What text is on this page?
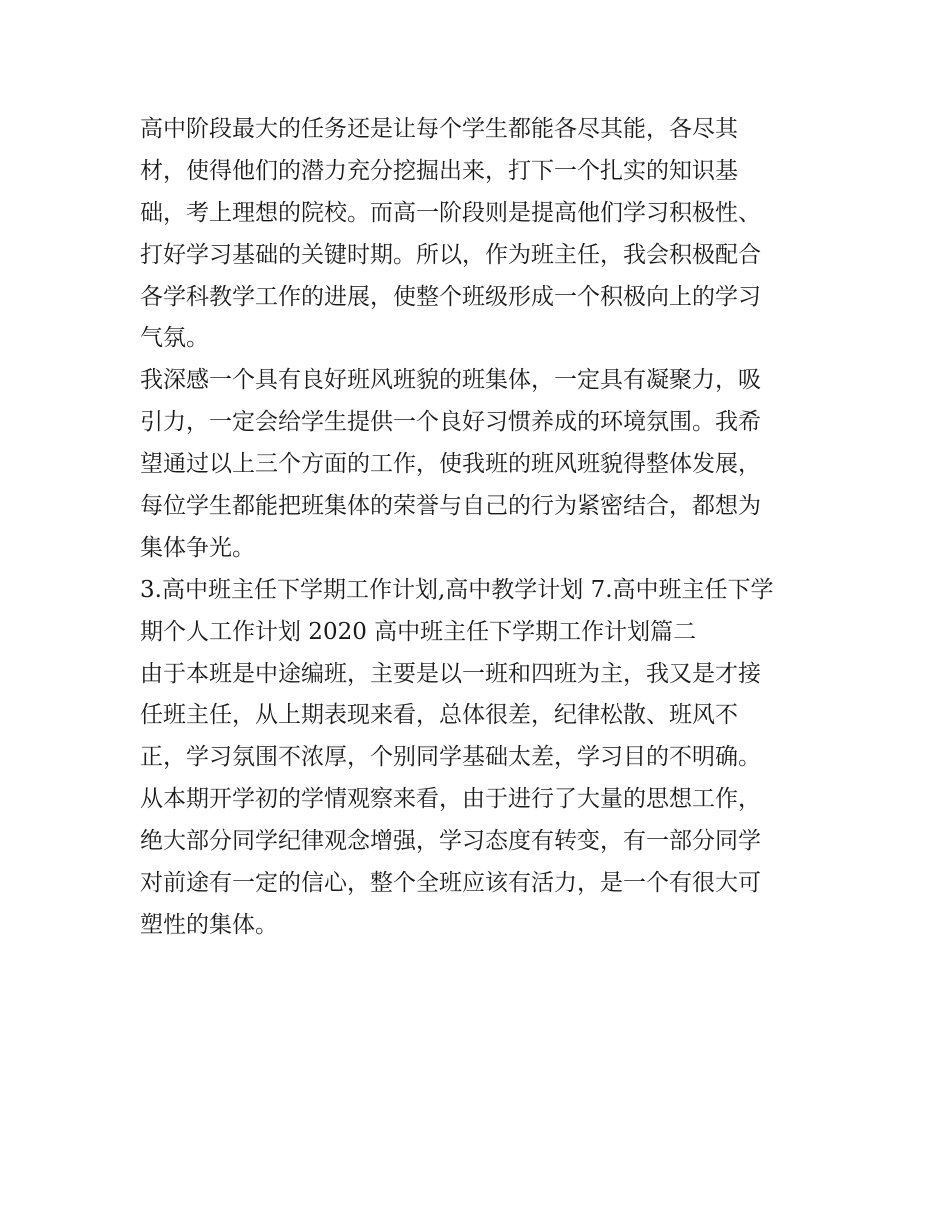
高中阶段最大的任务还是让每个学生都能各尽其能，各尽其
材，使得他们的潜力充分挖掘出来，打下一个扎实的知识基
础，考上理想的院校。而高一阶段则是提高他们学习积极性、
打好学习基础的关键时期。所以，作为班主任，我会积极配合
各学科教学工作的进展，使整个班级形成一个积极向上的学习
气氛。
我深感一个具有良好班风班貌的班集体，一定具有凝聚力，吸
引力，一定会给学生提供一个良好习惯养成的环境氛围。我希
望通过以上三个方面的工作，使我班的班风班貌得整体发展，
每位学生都能把班集体的荣誉与自己的行为紧密结合，都想为
集体争光。
3.高中班主任下学期工作计划,高中教学计划 7.高中班主任下学
期个人工作计划 2020 高中班主任下学期工作计划篇二
由于本班是中途编班，主要是以一班和四班为主，我又是才接
任班主任，从上期表现来看，总体很差，纪律松散、班风不
正，学习氛围不浓厚，个别同学基础太差，学习目的不明确。
从本期开学初的学情观察来看，由于进行了大量的思想工作，
绝大部分同学纪律观念增强，学习态度有转变，有一部分同学
对前途有一定的信心，整个全班应该有活力，是一个有很大可
塑性的集体。
